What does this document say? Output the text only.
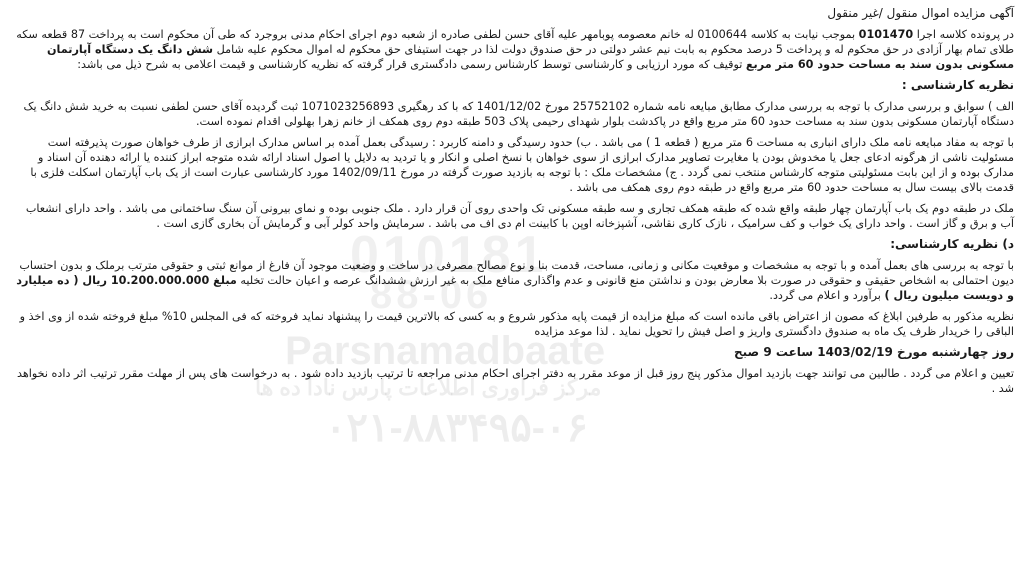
010181
88-06
Parsnamadbaate
مرکز فرآوری اطلاعات پارس نادا ده ها
۰۲۱-۸۸۳۴۹۵-۰۶

آگهی مزایده اموال منقول /غیر منقول

در پرونده کلاسه اجرا 0101470 بموجب نیابت به کلاسه 0100644 له خانم معصومه پوبامهر علیه آقای حسن لطفی صادره از شعبه دوم اجرای احکام مدنی بروجرد که طی آن محکوم است به پرداخت 87 قطعه سکه طلای تمام بهار آزادی در حق محکوم له و پرداخت 5 درصد محکوم به بابت نیم عشر دولتی در حق صندوق دولت لذا در جهت استیفای حق محکوم له اموال محکوم علیه شامل شش دانگ یک دستگاه آپارتمان مسکونی بدون سند به مساحت حدود 60 متر مربع توقیف که مورد ارزیابی و کارشناسی توسط کارشناس رسمی دادگستری قرار گرفته که نظریه کارشناسی و قیمت اعلامی به شرح ذیل می باشد:

نظریه کارشناسی :

الف ) سوابق و بررسی مدارک با توجه به بررسی مدارک مطابق مبایعه نامه شماره 25752102 مورخ 1401/12/02 که با کد رهگیری 1071023256893 ثبت گردیده آقای حسن لطفی نسبت به خرید شش دانگ یک دستگاه آپارتمان مسکونی بدون سند به مساحت حدود 60 متر مربع واقع در پاکدشت بلوار شهدای رحیمی پلاک 503 طبقه دوم روی همکف از خانم زهرا بهلولی اقدام نموده است.

با توجه به مفاد مبایعه نامه ملک دارای انباری به مساحت 6 متر مربع ( قطعه 1 ) می باشد . ب) حدود رسیدگی و دامنه کاربرد : رسیدگی بعمل آمده بر اساس مدارک ابرازی از طرف خواهان صورت پذیرفته است مسئولیت ناشی از هرگونه ادعای جعل یا مخدوش بودن یا مغایرت تصاویر مدارک ابرازی از سوی خواهان با نسخ اصلی و انکار و یا تردید به دلایل یا اصول اسناد ارائه شده متوجه ابراز کننده یا ارائه دهنده آن اسناد و مدارک بوده و از این بابت مسئولیتی متوجه کارشناس منتخب نمی گردد . ج) مشخصات ملک : با توجه به بازدید صورت گرفته در مورخ 1402/09/11 مورد کارشناسی عبارت است از یک باب آپارتمان اسکلت فلزی با قدمت بالای بیست سال به مساحت حدود 60 متر مربع واقع در طبقه دوم روی همکف می باشد .

ملک در طبقه دوم یک باب آپارتمان چهار طبقه واقع شده که طبقه همکف تجاری و سه طبقه مسکونی تک واحدی روی آن قرار دارد . ملک جنوبی بوده و نمای بیرونی آن سنگ ساختمانی می باشد . واحد دارای انشعاب آب و برق و گاز است . واحد دارای یک خواب و کف سرامیک ، نازک کاری نقاشی، آشپزخانه اوپن با کابینت ام دی اف می باشد . سرمایش واحد کولر آبی و گرمایش آن بخاری گازی است .

د) نظریه کارشناسی:

با توجه به بررسی های بعمل آمده و با توجه به مشخصات و موقعیت مکانی و زمانی، مساحت، قدمت بنا و نوع مصالح مصرفی در ساخت و وضعیت موجود آن فارغ از موانع ثبتی و حقوقی مترتب برملک و بدون احتساب دیون احتمالی به اشخاص حقیقی و حقوقی در صورت بلا معارض بودن و نداشتن منع قانونی و عدم واگذاری منافع ملک به غیر ارزش ششدانگ عرصه و اعیان حالت تخلیه مبلغ 10.200.000.000 ریال ( ده میلیارد و دویست میلیون ریال ) برآورد و اعلام می گردد.

نظریه مذکور به طرفین ابلاغ که مصون از اعتراض باقی مانده است که مبلغ مزایده از قیمت پایه مذکور شروع و به کسی که بالاترین قیمت را پیشنهاد نماید فروخته که فی المجلس 10% مبلغ فروخته شده از وی اخذ و الباقی را خریدار ظرف یک ماه به صندوق دادگستری واریز و اصل فیش را تحویل نماید . لذا موعد مزایده

روز چهارشنبه مورخ 1403/02/19 ساعت 9 صبح

تعیین و اعلام می گردد . طالبین می توانند جهت بازدید اموال مذکور پنج روز قبل از موعد مقرر به دفتر اجرای احکام مدنی مراجعه تا ترتیب بازدید داده شود . به درخواست های پس از مهلت مقرر ترتیب اثر داده نخواهد شد .
